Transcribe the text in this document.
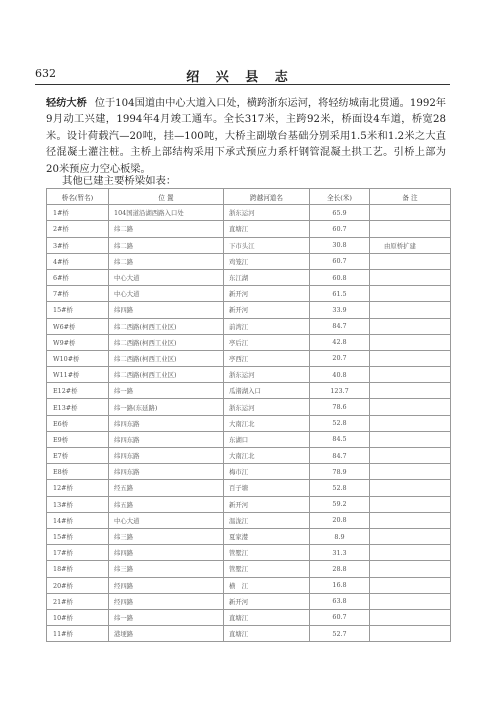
632	绍 兴 县 志
轻纺大桥 位于104国道由中心大道入口处，横跨浙东运河，将轻纺城南北贯通。1992年9月动工兴建，1994年4月竣工通车。全长317米，主跨92米，桥面设4车道，桥宽28米。设计荷载汽—20吨，挂—100吨，大桥主副墩台基础分别采用1.5米和1.2米之大直径混凝土灌注桩。主桥上部结构采用下承式预应力系杆钢管混凝土拱工艺。引桥上部为20米预应力空心板梁。
其他已建主要桥梁如表：
桥名(暂名)	位 置	跨越河道名	全长(米)	备 注
1#桥	104国道沿湖西路入口处	浙东运河	65.9	
2#桥	纬二路	直塘江	60.7	
3#桥	纬二路	下市头江	30.8	由原桥扩建
4#桥	纬二路	鸡笼江	60.7	
6#桥	中心大道	东江湖	60.8	
7#桥	中心大道	新开河	61.5	
15#桥	纬四路	新开河	33.9	
W6#桥	纬二西路(柯西工业区)	前湾江	84.7	
W9#桥	纬二西路(柯西工业区)	亭后江	42.8	
W10#桥	纬二西路(柯西工业区)	亭西江	20.7	
W11#桥	纬二西路(柯西工业区)	浙东运河	40.8	
E12#桥	纬一路	瓜渚湖入口	123.7	
E13#桥	纬一路(东延路)	浙东运河	78.6	
E6桥	纬四东路	大南江北	52.8	
E9桥	纬四东路	东湖口	84.5	
E7桥	纬四东路	大南江北	84.7	
E8桥	纬四东路	梅市江	78.9	
12#桥	经五路	百子塘	52.8	
13#桥	纬五路	新开河	59.2	
14#桥	中心大道	温泷江	20.8	
15#桥	纬三路	夏家漤	8.9	
17#桥	纬四路	管墅江	31.3	
18#桥	纬三路	管墅江	28.8	
20#桥	经四路	横　江	16.8	
21#桥	经四路	新开河	63.8	
10#桥	纬一路	直塘江	60.7	
11#桥	港埂路	直塘江	52.7	
